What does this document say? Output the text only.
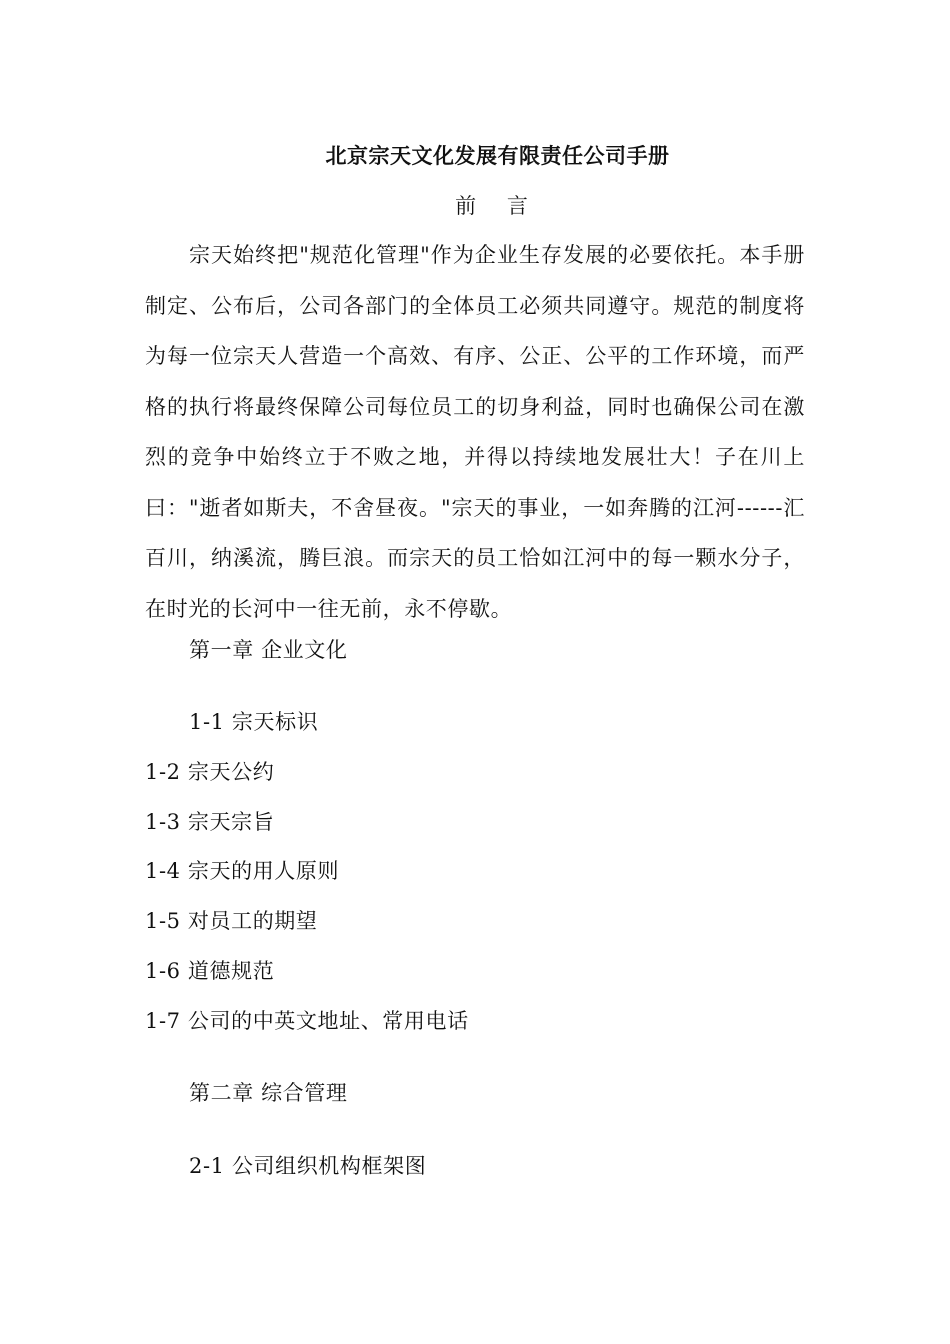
北京宗天文化发展有限责任公司手册
前 言

宗天始终把"规范化管理"作为企业生存发展的必要依托。本手册制定、公布后，公司各部门的全体员工必须共同遵守。规范的制度将为每一位宗天人营造一个高效、有序、公正、公平的工作环境，而严格的执行将最终保障公司每位员工的切身利益，同时也确保公司在激烈的竞争中始终立于不败之地，并得以持续地发展壮大！子在川上曰："逝者如斯夫，不舍昼夜。"宗天的事业，一如奔腾的江河------汇百川，纳溪流，腾巨浪。而宗天的员工恰如江河中的每一颗水分子，在时光的长河中一往无前，永不停歇。

第一章 企业文化
1-1 宗天标识
1-2 宗天公约
1-3 宗天宗旨
1-4 宗天的用人原则
1-5 对员工的期望
1-6 道德规范
1-7 公司的中英文地址、常用电话
第二章 综合管理
2-1 公司组织机构框架图
